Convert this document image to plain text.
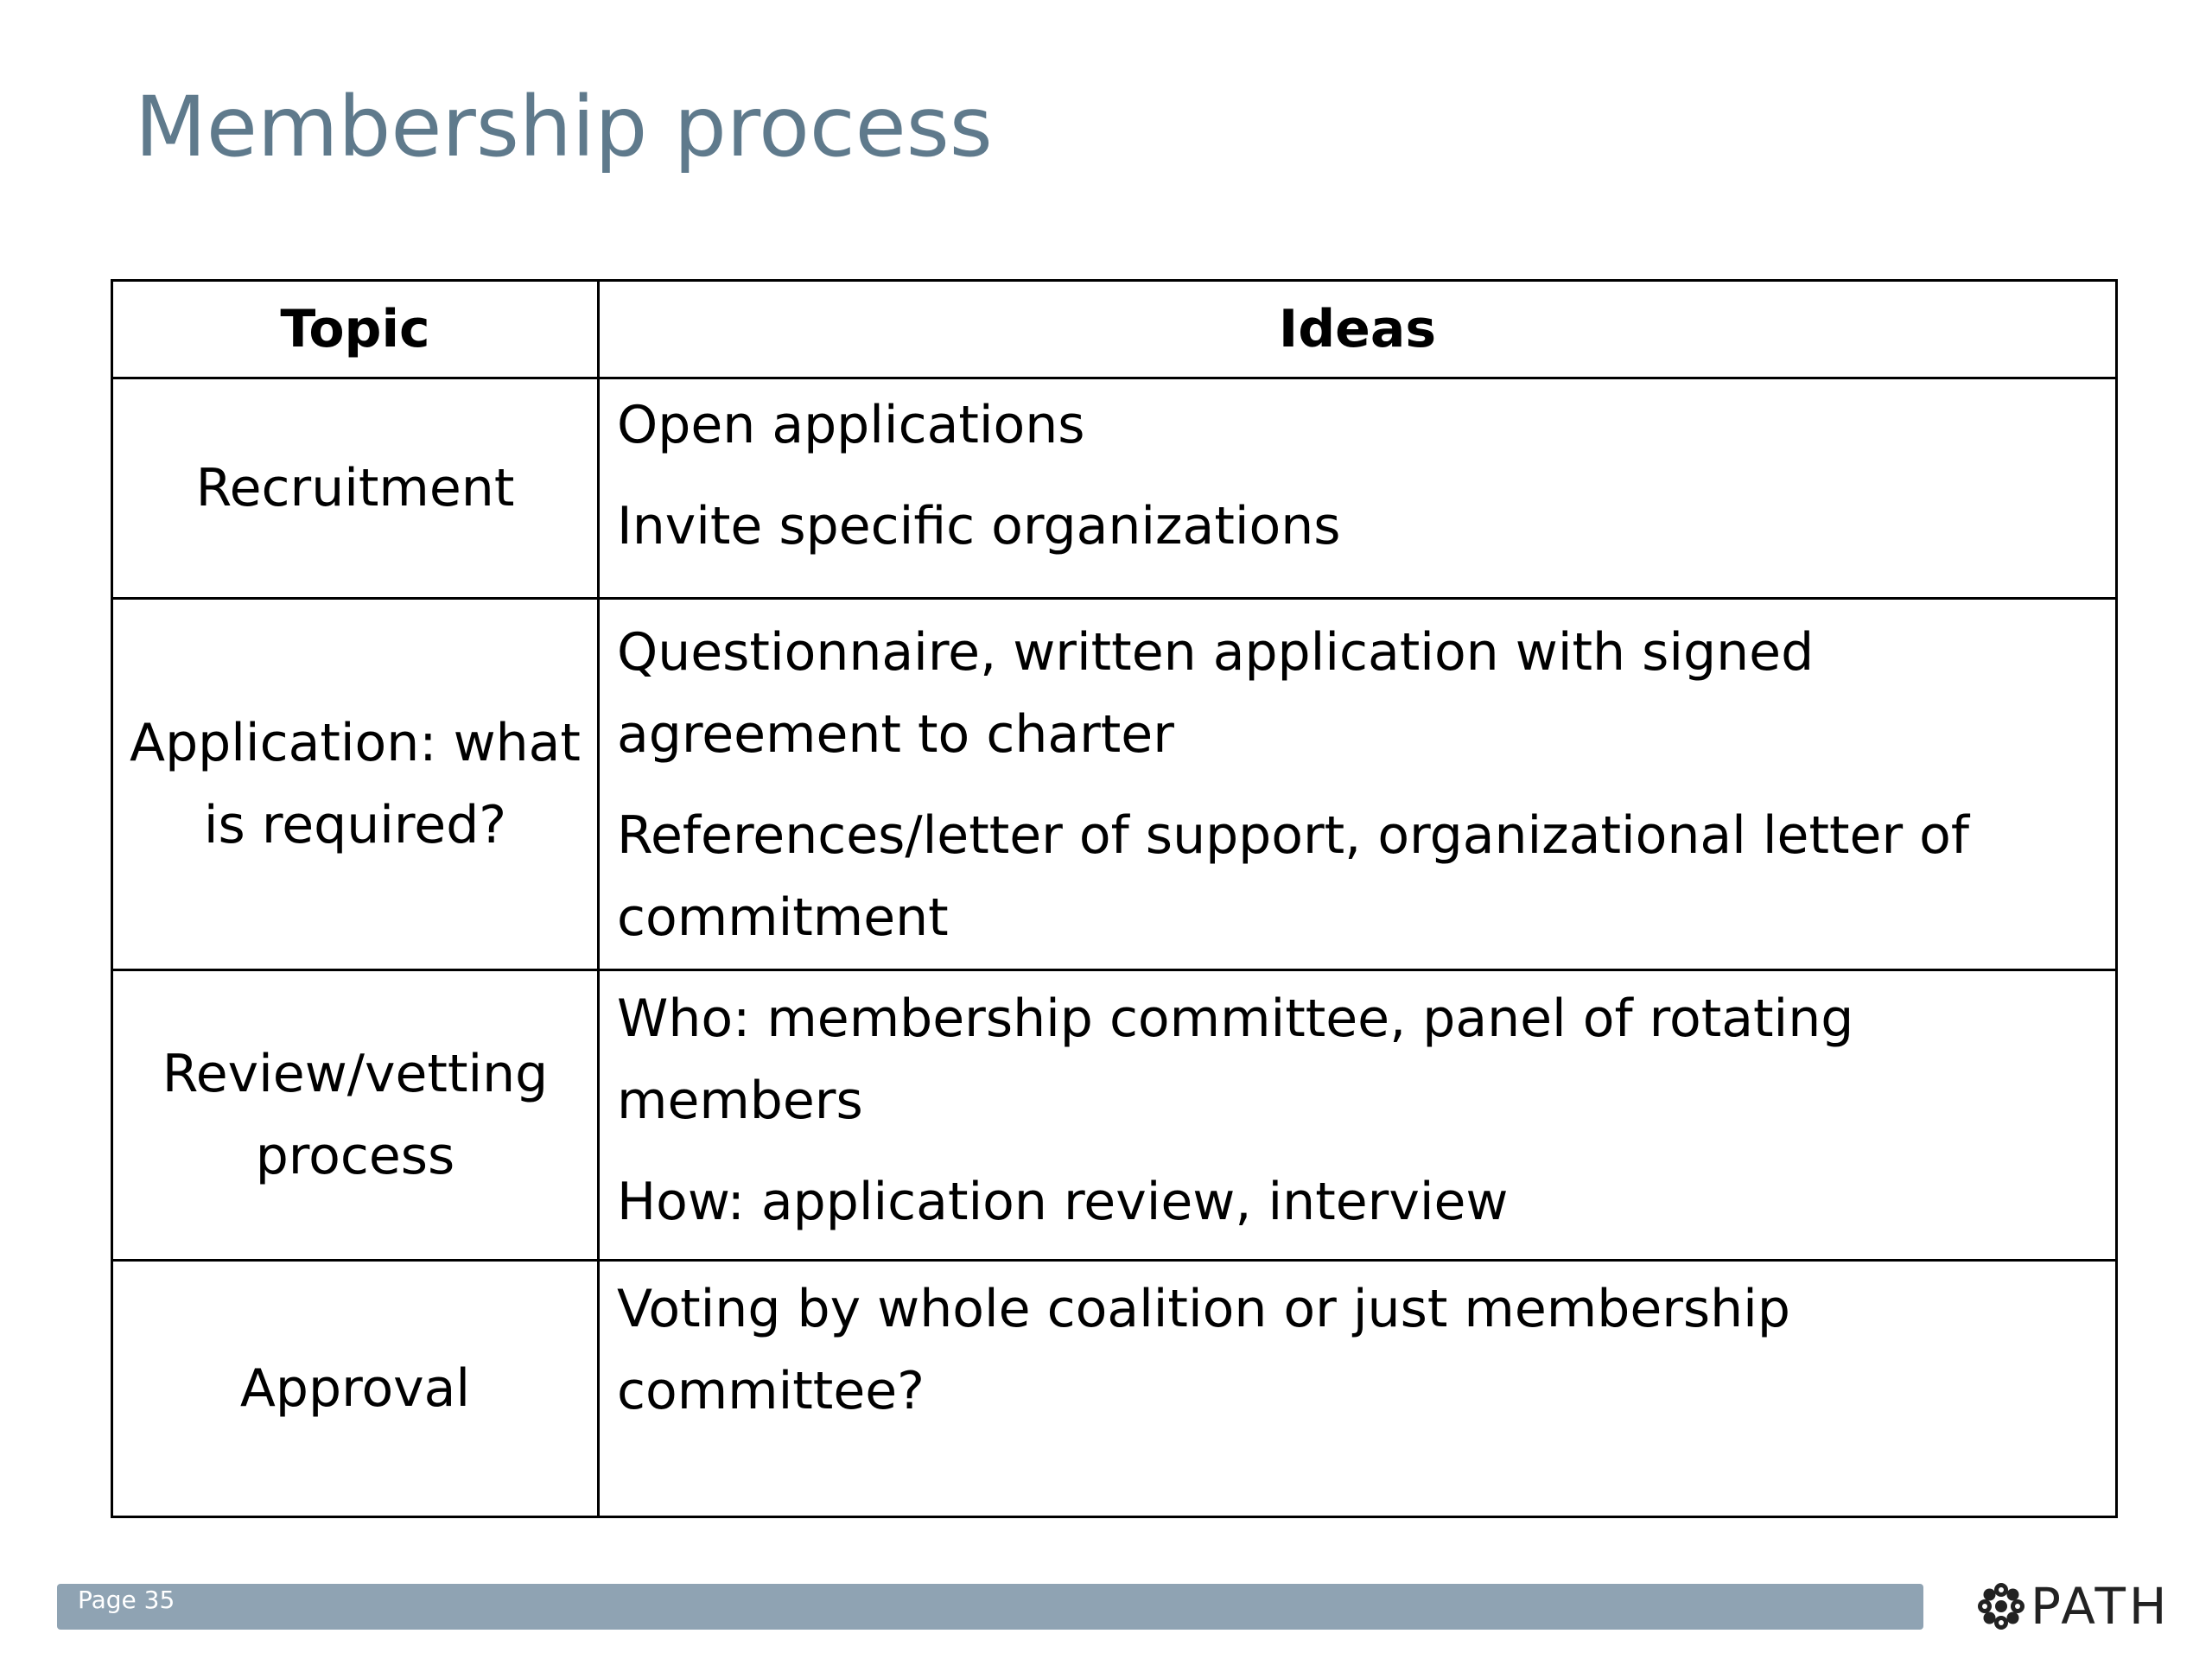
Membership process
Topic	Ideas
Recruitment	Open applications

Invite specific organizations

Application: what is required?	Questionnaire, written application with signed agreement to charter

References/letter of support, organizational letter of commitment

Review/vetting process	Who: membership committee, panel of rotating members

How: application review, interview

Approval	Voting by whole coalition or just membership committee?

Page 35	PATH
